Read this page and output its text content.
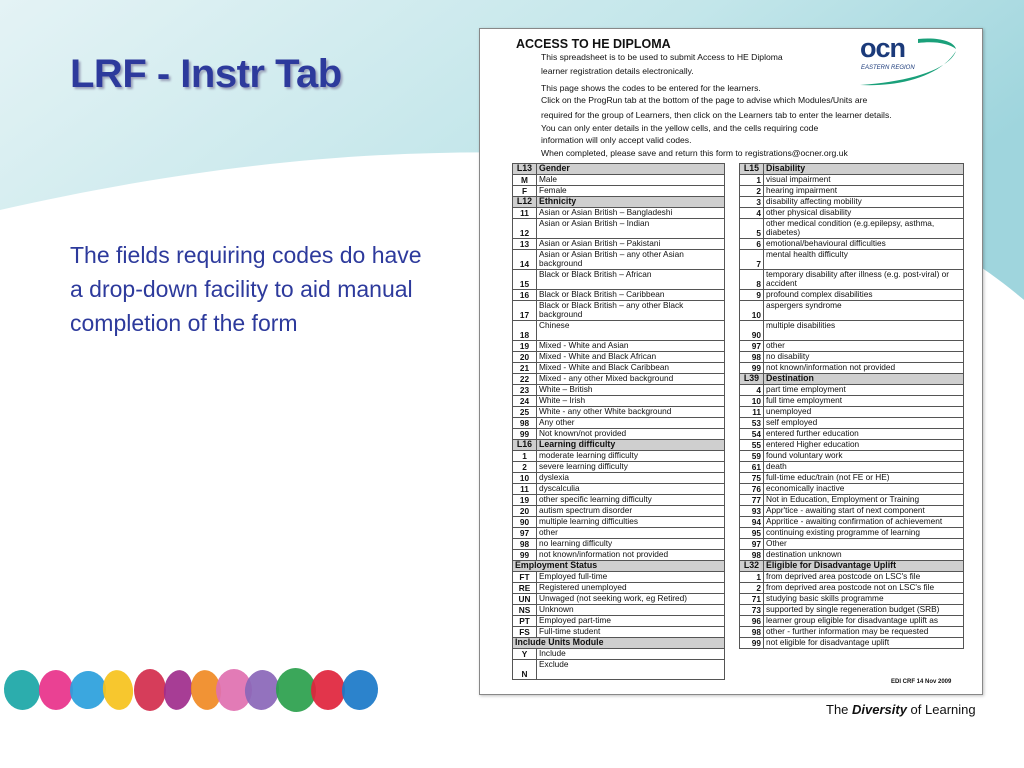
LRF - Instr Tab
The fields requiring codes do have a drop-down facility to aid manual completion of the form
ACCESS TO HE DIPLOMA
This spreadsheet is to be used to submit Access to HE Diploma
learner registration details electronically.
This page shows the codes to be entered for the learners.
Click on the ProgRun tab at the bottom of the page to advise which Modules/Units are
required for the group of Learners, then click on the Learners tab to enter the learner details.
You can only enter details in the yellow cells, and the cells requiring code
information will only accept valid codes.
When completed, please save and return this form to registrations@ocner.org.uk
ocn
EASTERN REGION
L13	Gender
M	Male
F	Female
L12	Ethnicity
11	Asian or Asian British – Bangladeshi
12	Asian or Asian British – Indian
13	Asian or Asian British – Pakistani
14	Asian or Asian British – any other Asian background
15	Black or Black British – African
16	Black or Black British – Caribbean
17	Black or Black British – any other Black background
18	Chinese
19	Mixed - White and Asian
20	Mixed - White and Black African
21	Mixed - White and Black Caribbean
22	Mixed - any other Mixed background
23	White – British
24	White – Irish
25	White - any other White background
98	Any other
99	Not known/not provided
L16	Learning difficulty
1	moderate learning difficulty
2	severe learning difficulty
10	dyslexia
11	dyscalculia
19	other specific learning difficulty
20	autism spectrum disorder
90	multiple learning difficulties
97	other
98	no learning difficulty
99	not known/information not provided
Employment Status	
FT	Employed full-time
RE	Registered unemployed
UN	Unwaged (not seeking work, eg Retired)
NS	Unknown
PT	Employed part-time
FS	Full-time student
Include Units Module	
Y	Include
N	Exclude
L15	Disability
1	visual impairment
2	hearing impairment
3	disability affecting mobility
4	other physical disability
5	other medical condition (e.g.epilepsy, asthma, diabetes)
6	emotional/behavioural difficulties
7	mental health difficulty
8	temporary disability after illness (e.g. post-viral) or accident
9	profound complex disabilities
10	aspergers syndrome
90	multiple disabilities
97	other
98	no disability
99	not known/information not provided
L39	Destination
4	part time employment
10	full time employment
11	unemployed
53	self employed
54	entered further education
55	entered Higher education
59	found voluntary work
61	death
75	full-time educ/train (not FE or HE)
76	economically inactive
77	Not in Education, Employment or Training
93	Appr'tice - awaiting start of next component
94	Appritice - awaiting confirmation of achievement
95	continuing existing programme of learning
97	Other
98	destination unknown
L32	Eligible for Disadvantage Uplift
1	from deprived area postcode on LSC's file
2	from deprived area postcode not on LSC's file
71	studying basic skills programme
73	supported by single regeneration budget (SRB)
96	learner group eligible for disadvantage uplift as
98	other - further information may be requested
99	not eligible for disadvantage uplift
EDI CRF 14 Nov 2009
The Diversity of Learning
